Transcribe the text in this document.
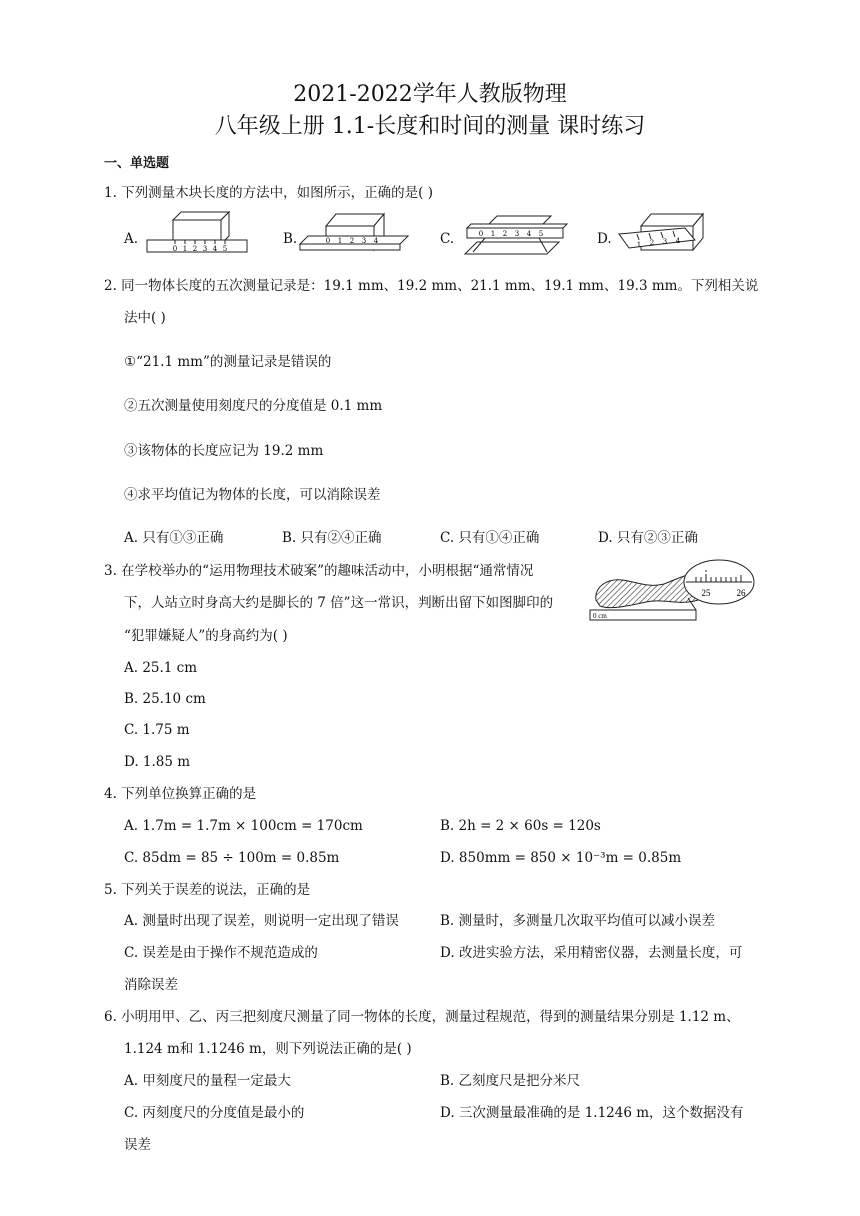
2021-2022学年人教版物理
八年级上册 1.1-长度和时间的测量 课时练习
一、单选题
1. 下列测量木块长度的方法中，如图所示，正确的是( )
A.
0 1 2 3 4 5
B.	0 1 2 3 4	C.	0 1 2 3 4 5	D.	1 2 3 4
2. 同一物体长度的五次测量记录是：19.1 mm、19.2 mm、21.1 mm、19.1 mm、19.3 mm。下列相关说
法中( )
①“21.1 mm”的测量记录是错误的
②五次测量使用刻度尺的分度值是 0.1 mm
③该物体的长度应记为 19.2 mm
④求平均值记为物体的长度，可以消除误差
A. 只有①③正确	B. 只有②④正确	C. 只有①④正确	D. 只有②③正确
3. 在学校举办的“运用物理技术破案”的趣味活动中，小明根据“通常情况
下，人站立时身高大约是脚长的 7 倍”这一常识，判断出留下如图脚印的
“犯罪嫌疑人”的身高约为( )
0 cm
25	26
A. 25.1 cm
B. 25.10 cm
C. 1.75 m
D. 1.85 m
4. 下列单位换算正确的是
A. 1.7m = 1.7m × 100cm = 170cm	B. 2h = 2 × 60s = 120s
C. 85dm = 85 ÷ 100m = 0.85m	D. 850mm = 850 × 10⁻³m = 0.85m
5. 下列关于误差的说法，正确的是
A. 测量时出现了误差，则说明一定出现了错误	B. 测量时，多测量几次取平均值可以减小误差
C. 误差是由于操作不规范造成的	D. 改进实验方法，采用精密仪器，去测量长度，可
消除误差
6. 小明用甲、乙、丙三把刻度尺测量了同一物体的长度，测量过程规范，得到的测量结果分别是 1.12 m、
1.124 m和 1.1246 m，则下列说法正确的是( )
A. 甲刻度尺的量程一定最大	B. 乙刻度尺是把分米尺
C. 丙刻度尺的分度值是最小的	D. 三次测量最准确的是 1.1246 m，这个数据没有
误差
